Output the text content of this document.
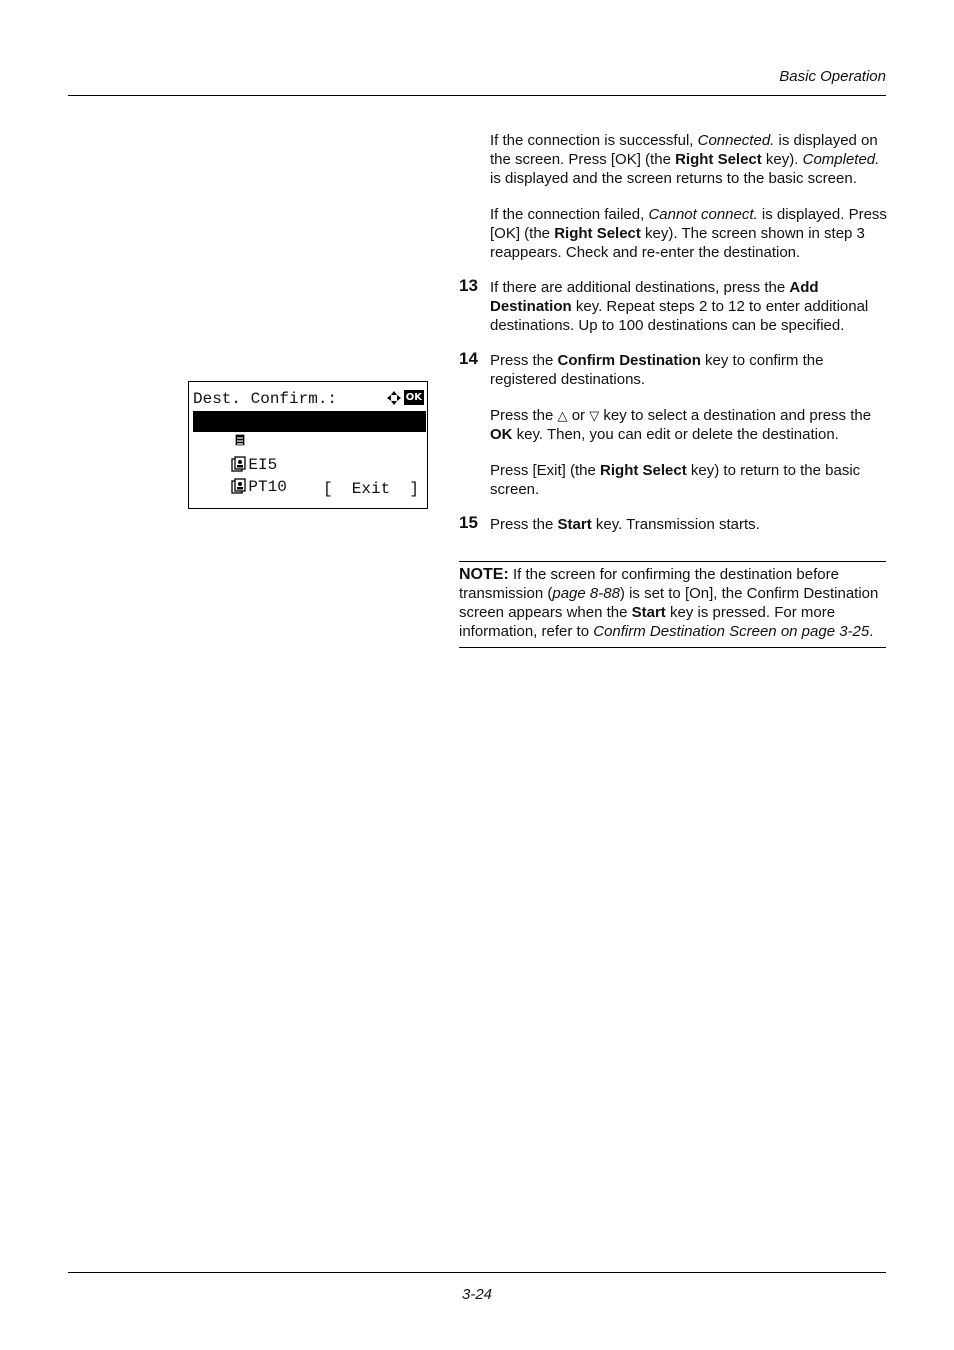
Basic Operation
Dest. Confirm.:	OK

RD Center

EI5

PT10
[  Exit  ]

If the connection is successful, Connected. is displayed on the screen. Press [OK] (the Right Select key). Completed. is displayed and the screen returns to the basic screen.

If the connection failed, Cannot connect. is displayed. Press [OK] (the Right Select key). The screen shown in step 3 reappears. Check and re-enter the destination.

13 If there are additional destinations, press the Add Destination key. Repeat steps 2 to 12 to enter additional destinations. Up to 100 destinations can be specified.
14 Press the Confirm Destination key to confirm the registered destinations.

Press the △ or ▽ key to select a destination and press the OK key. Then, you can edit or delete the destination.

Press [Exit] (the Right Select key) to return to the basic screen.

15 Press the Start key. Transmission starts.
NOTE: If the screen for confirming the destination before transmission (page 8-88) is set to [On], the Confirm Destination screen appears when the Start key is pressed. For more information, refer to Confirm Destination Screen on page 3-25.
3-24
